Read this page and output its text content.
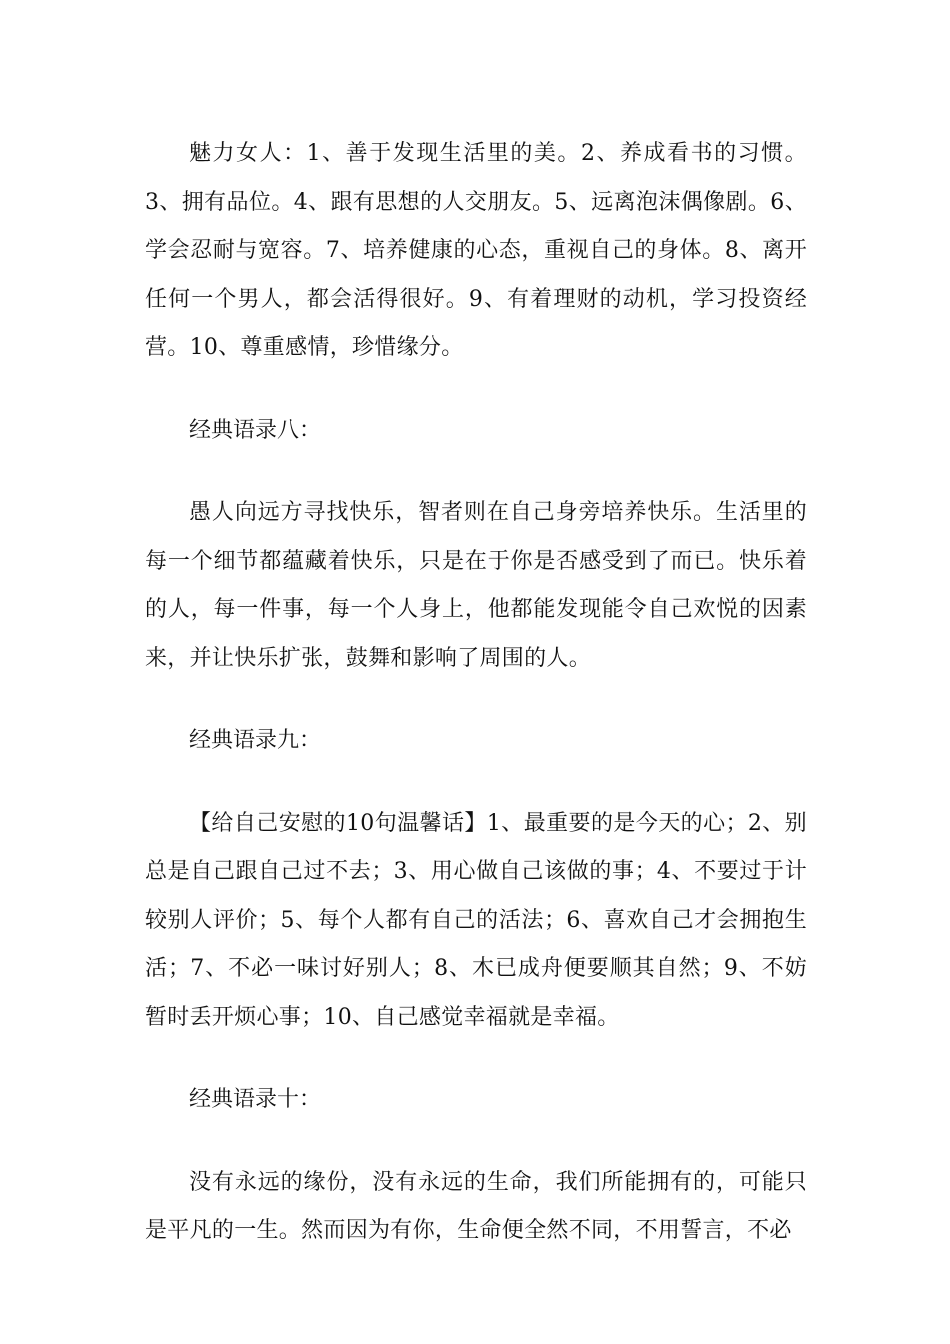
魅力女人：1、善于发现生活里的美。2、养成看书的习惯。3、拥有品位。4、跟有思想的人交朋友。5、远离泡沫偶像剧。6、学会忍耐与宽容。7、培养健康的心态，重视自己的身体。8、离开任何一个男人，都会活得很好。9、有着理财的动机，学习投资经营。10、尊重感情，珍惜缘分。

经典语录八：

愚人向远方寻找快乐，智者则在自己身旁培养快乐。生活里的每一个细节都蕴藏着快乐，只是在于你是否感受到了而已。快乐着的人，每一件事，每一个人身上，他都能发现能令自己欢悦的因素来，并让快乐扩张，鼓舞和影响了周围的人。

经典语录九：

【给自己安慰的10句温馨话】1、最重要的是今天的心；2、别总是自己跟自己过不去；3、用心做自己该做的事；4、不要过于计较别人评价；5、每个人都有自己的活法；6、喜欢自己才会拥抱生活；7、不必一味讨好别人；8、木已成舟便要顺其自然；9、不妨暂时丢开烦心事；10、自己感觉幸福就是幸福。

经典语录十：

没有永远的缘份，没有永远的生命，我们所能拥有的，可能只是平凡的一生。然而因为有你，生命便全然不同，不用誓言，不必
